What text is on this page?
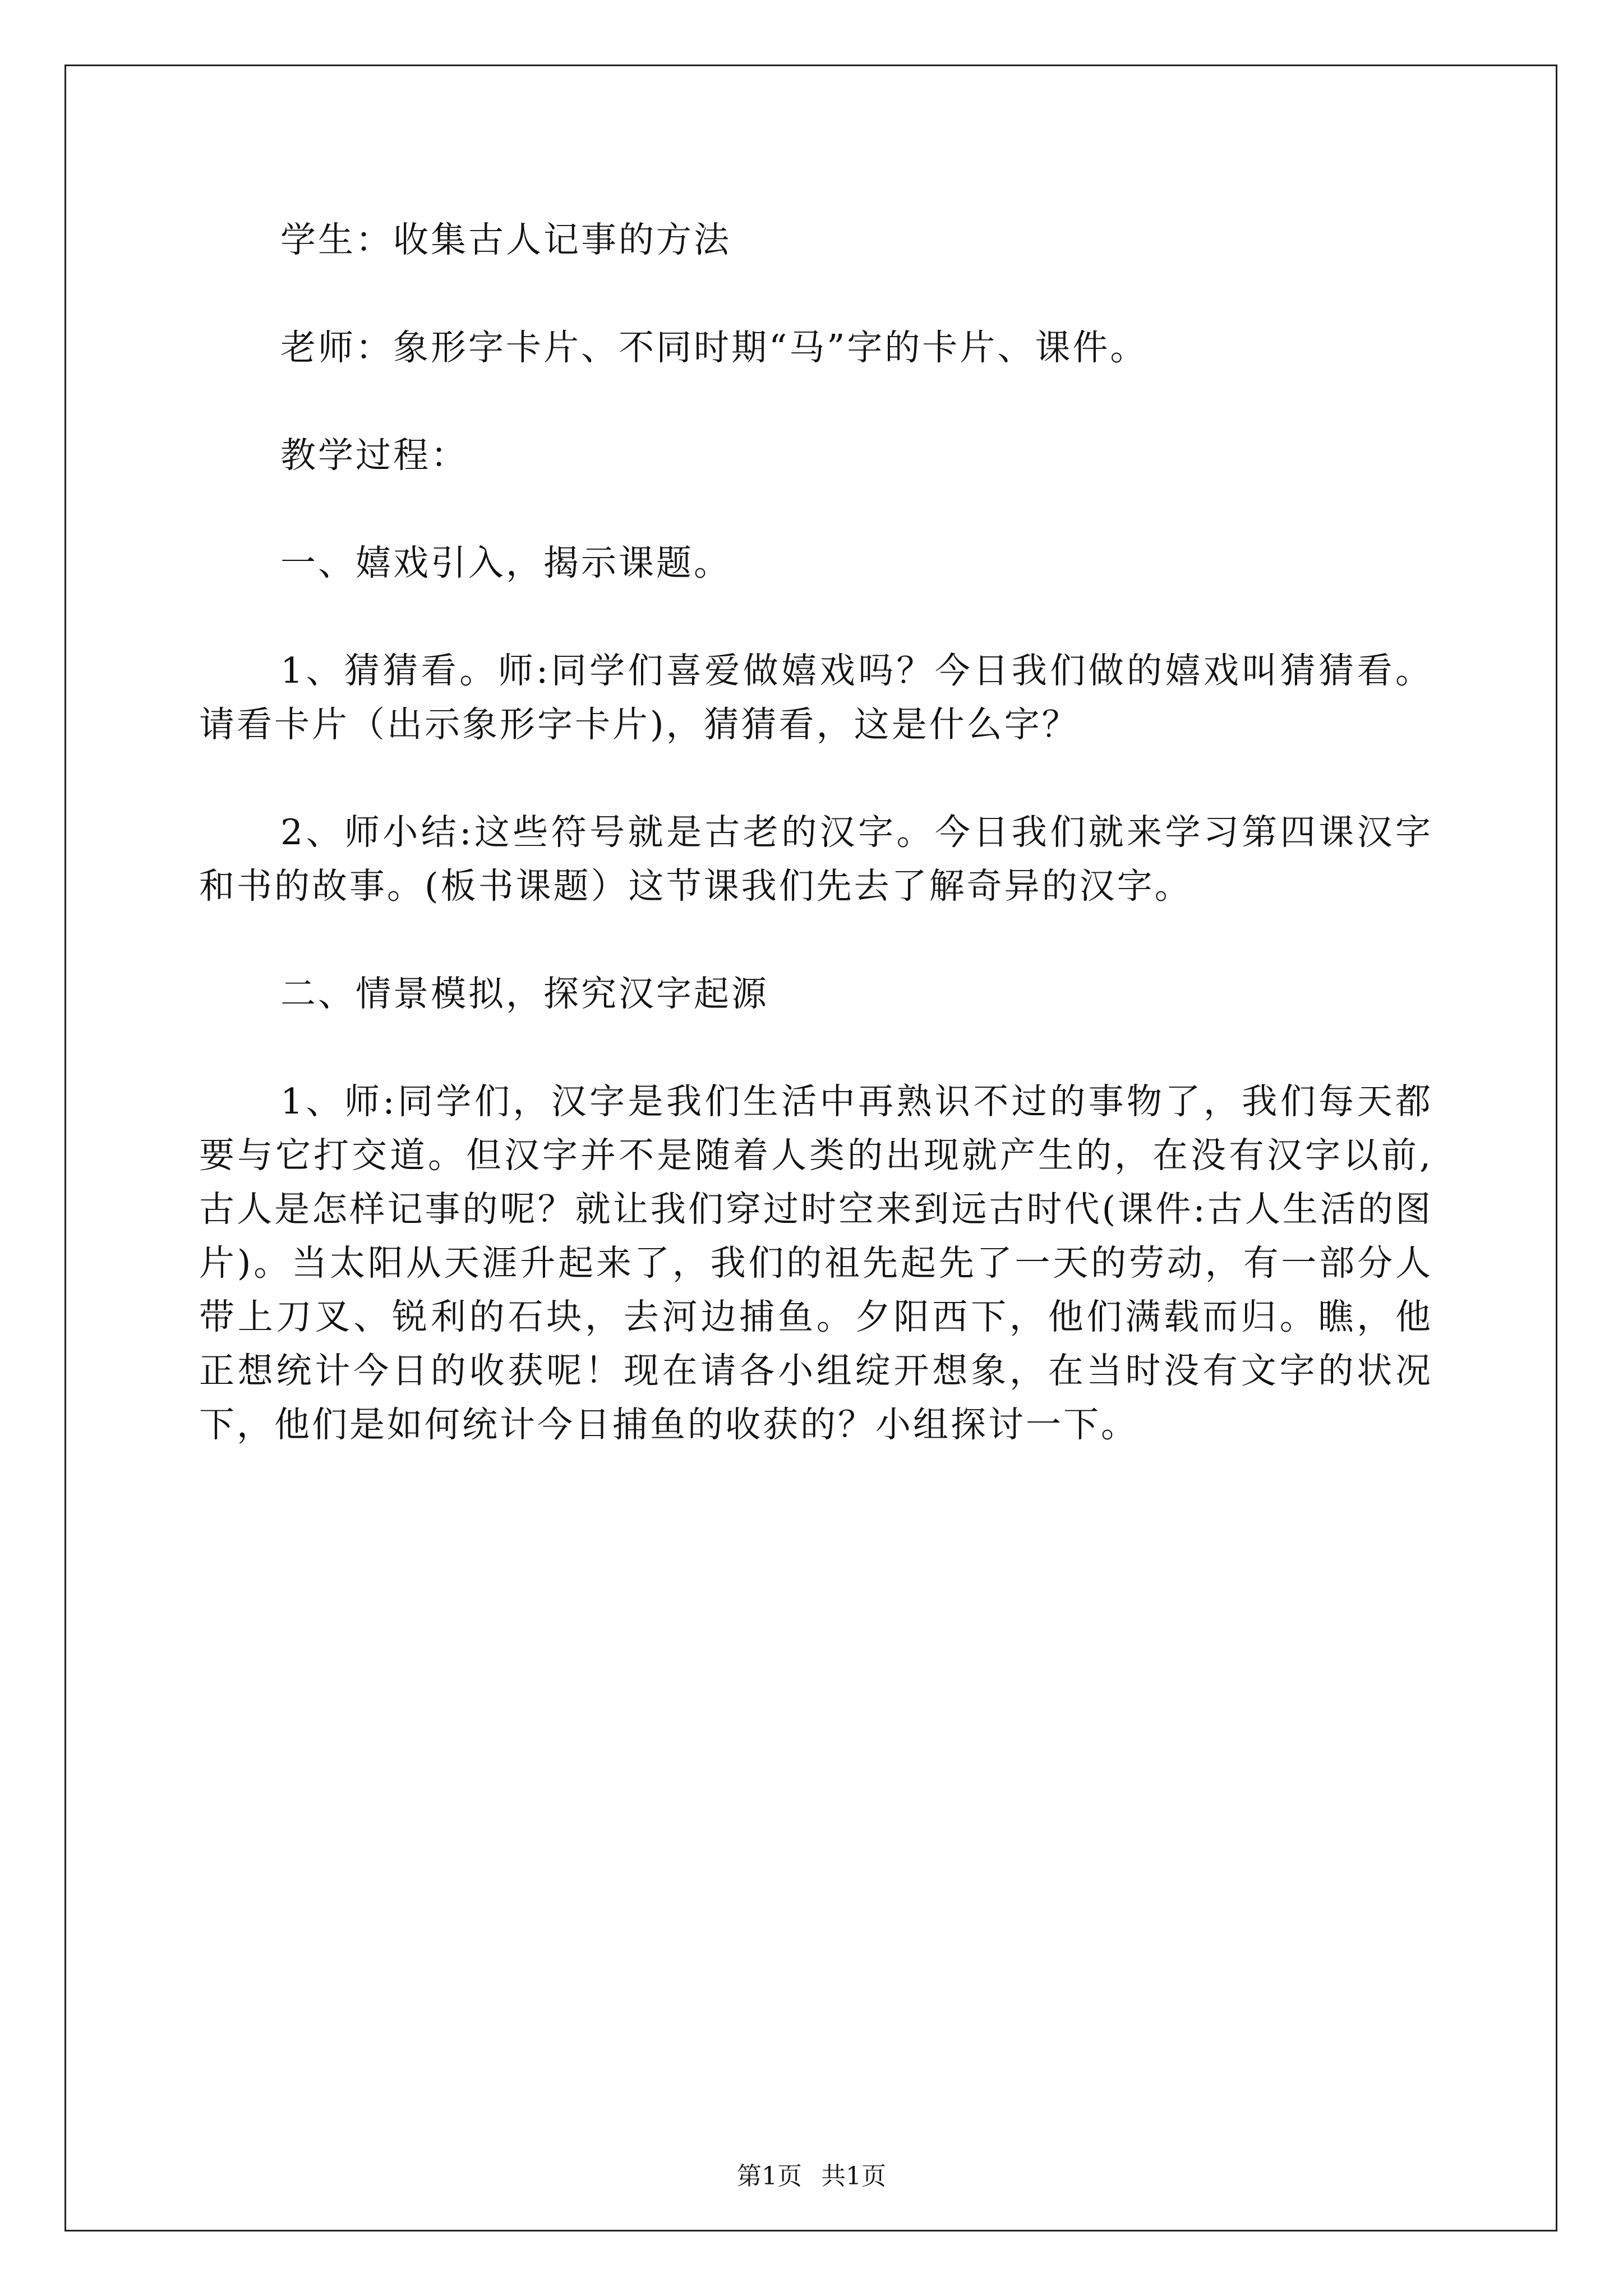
学生：收集古人记事的方法

老师：象形字卡片、不同时期“马”字的卡片、课件。

教学过程：

一、嬉戏引入，揭示课题。

1、猜猜看。师:同学们喜爱做嬉戏吗？今日我们做的嬉戏叫猜猜看。请看卡片（出示象形字卡片)，猜猜看，这是什么字？

2、师小结:这些符号就是古老的汉字。今日我们就来学习第四课汉字和书的故事。(板书课题）这节课我们先去了解奇异的汉字。

二、情景模拟，探究汉字起源

1、师:同学们，汉字是我们生活中再熟识不过的事物了，我们每天都要与它打交道。但汉字并不是随着人类的出现就产生的，在没有汉字以前,古人是怎样记事的呢？就让我们穿过时空来到远古时代(课件:古人生活的图片)。当太阳从天涯升起来了，我们的祖先起先了一天的劳动，有一部分人带上刀叉、锐利的石块，去河边捕鱼。夕阳西下，他们满载而归。瞧，他正想统计今日的收获呢！现在请各小组绽开想象，在当时没有文字的状况下，他们是如何统计今日捕鱼的收获的？小组探讨一下。

第1页 共1页
